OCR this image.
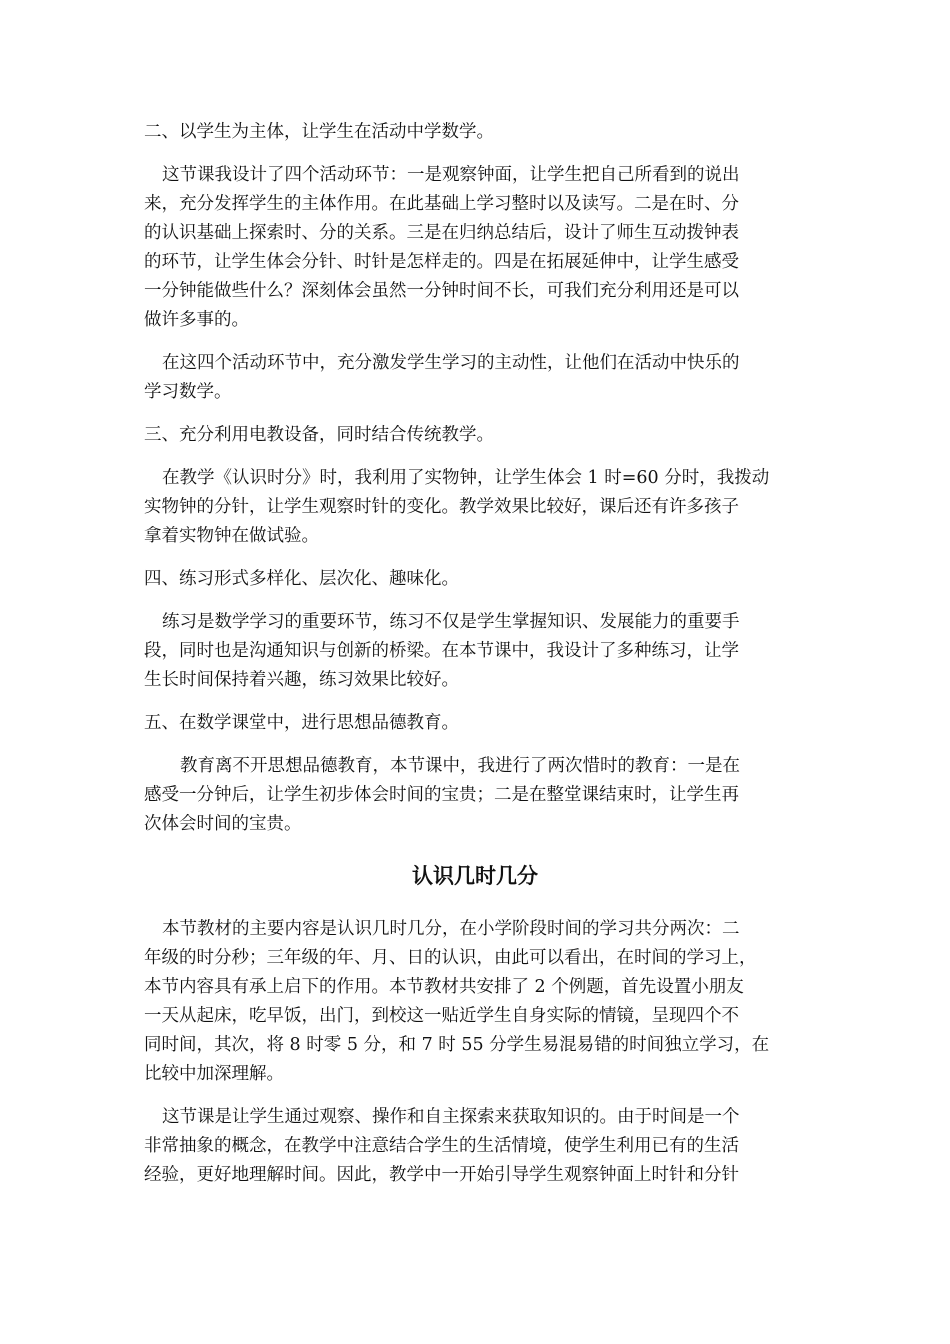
二、以学生为主体，让学生在活动中学数学。
这节课我设计了四个活动环节：一是观察钟面，让学生把自己所看到的说出
来，充分发挥学生的主体作用。在此基础上学习整时以及读写。二是在时、分
的认识基础上探索时、分的关系。三是在归纳总结后，设计了师生互动拨钟表
的环节，让学生体会分针、时针是怎样走的。四是在拓展延伸中，让学生感受
一分钟能做些什么？深刻体会虽然一分钟时间不长，可我们充分利用还是可以
做许多事的。
在这四个活动环节中，充分激发学生学习的主动性，让他们在活动中快乐的
学习数学。
三、充分利用电教设备，同时结合传统教学。
在教学《认识时分》时，我利用了实物钟，让学生体会 1 时=60 分时，我拨动
实物钟的分针，让学生观察时针的变化。教学效果比较好，课后还有许多孩子
拿着实物钟在做试验。
四、练习形式多样化、层次化、趣味化。
练习是数学学习的重要环节，练习不仅是学生掌握知识、发展能力的重要手
段，同时也是沟通知识与创新的桥梁。在本节课中，我设计了多种练习，让学
生长时间保持着兴趣，练习效果比较好。
五、在数学课堂中，进行思想品德教育。
教育离不开思想品德教育，本节课中，我进行了两次惜时的教育：一是在
感受一分钟后，让学生初步体会时间的宝贵；二是在整堂课结束时，让学生再
次体会时间的宝贵。
认识几时几分
本节教材的主要内容是认识几时几分，在小学阶段时间的学习共分两次：二
年级的时分秒；三年级的年、月、日的认识，由此可以看出，在时间的学习上，
本节内容具有承上启下的作用。本节教材共安排了 2 个例题，首先设置小朋友
一天从起床，吃早饭，出门，到校这一贴近学生自身实际的情镜，呈现四个不
同时间，其次，将 8 时零 5 分，和 7 时 55 分学生易混易错的时间独立学习，在
比较中加深理解。
这节课是让学生通过观察、操作和自主探索来获取知识的。由于时间是一个
非常抽象的概念，在教学中注意结合学生的生活情境，使学生利用已有的生活
经验，更好地理解时间。因此，教学中一开始引导学生观察钟面上时针和分针
